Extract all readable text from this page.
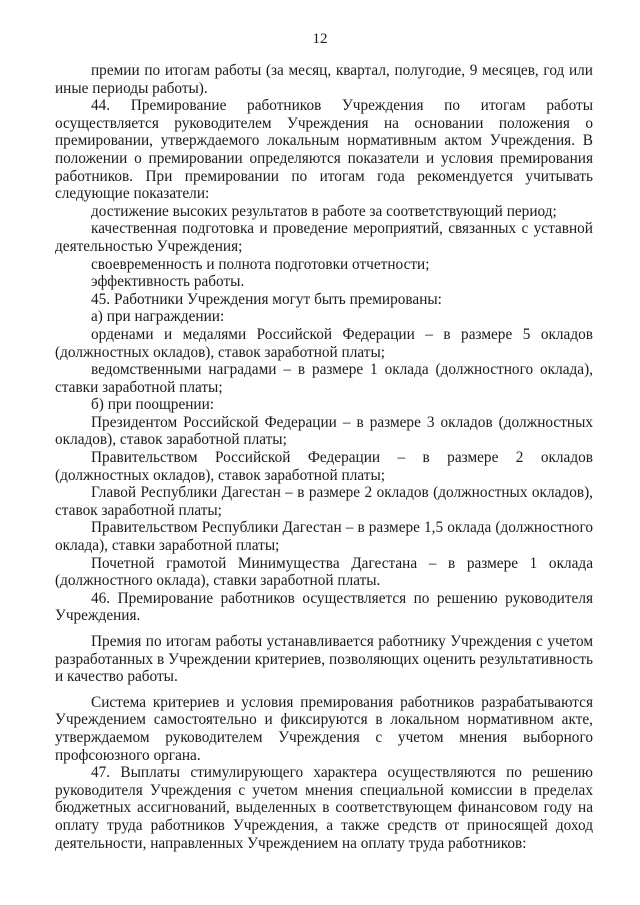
12

премии по итогам работы (за месяц, квартал, полугодие, 9 месяцев, год или иные периоды работы).

44. Премирование работников Учреждения по итогам работы осуществляется руководителем Учреждения на основании положения о премировании, утверждаемого локальным нормативным актом Учреждения. В положении о премировании определяются показатели и условия премирования работников. При премировании по итогам года рекомендуется учитывать следующие показатели:

достижение высоких результатов в работе за соответствующий период;

качественная подготовка и проведение мероприятий, связанных с уставной деятельностью Учреждения;

своевременность и полнота подготовки отчетности;

эффективность работы.

45. Работники Учреждения могут быть премированы:

а) при награждении:

орденами и медалями Российской Федерации – в размере 5 окладов (должностных окладов), ставок заработной платы;

ведомственными наградами – в размере 1 оклада (должностного оклада), ставки заработной платы;

б) при поощрении:

Президентом Российской Федерации – в размере 3 окладов (должностных окладов), ставок заработной платы;

Правительством Российской Федерации – в размере 2 окладов (должностных окладов), ставок заработной платы;

Главой Республики Дагестан – в размере 2 окладов (должностных окладов), ставок заработной платы;

Правительством Республики Дагестан – в размере 1,5 оклада (должностного оклада), ставки заработной платы;

Почетной грамотой Минимущества Дагестана – в размере 1 оклада (должностного оклада), ставки заработной платы.

46. Премирование работников осуществляется по решению руководителя Учреждения.

Премия по итогам работы устанавливается работнику Учреждения с учетом разработанных в Учреждении критериев, позволяющих оценить результативность и качество работы.

Система критериев и условия премирования работников разрабатываются Учреждением самостоятельно и фиксируются в локальном нормативном акте, утверждаемом руководителем Учреждения с учетом мнения выборного профсоюзного органа.

47. Выплаты стимулирующего характера осуществляются по решению руководителя Учреждения с учетом мнения специальной комиссии в пределах бюджетных ассигнований, выделенных в соответствующем финансовом году на оплату труда работников Учреждения, а также средств от приносящей доход деятельности, направленных Учреждением на оплату труда работников:
